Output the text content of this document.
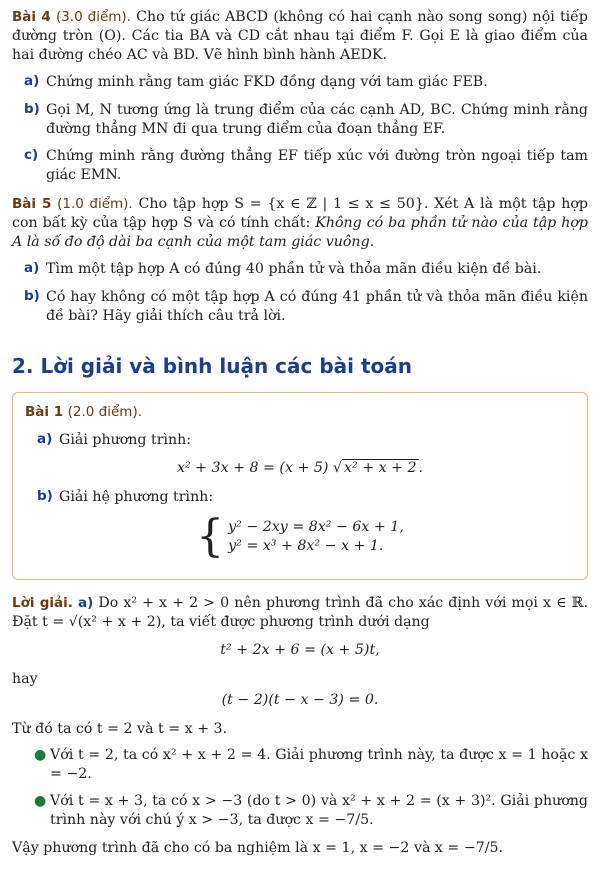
Bài 4 (3.0 điểm). Cho tứ giác ABCD (không có hai cạnh nào song song) nội tiếp đường tròn (O). Các tia BA và CD cắt nhau tại điểm F. Gọi E là giao điểm của hai đường chéo AC và BD. Vẽ hình bình hành AEDK.

a) Chứng minh rằng tam giác FKD đồng dạng với tam giác FEB.
b) Gọi M, N tương ứng là trung điểm của các cạnh AD, BC. Chứng minh rằng đường thẳng MN đi qua trung điểm của đoạn thẳng EF.
c) Chứng minh rằng đường thẳng EF tiếp xúc với đường tròn ngoại tiếp tam giác EMN.

Bài 5 (1.0 điểm). Cho tập hợp S = {x ∈ ℤ | 1 ≤ x ≤ 50}. Xét A là một tập hợp con bất kỳ của tập hợp S và có tính chất: Không có ba phần tử nào của tập hợp A là số đo độ dài ba cạnh của một tam giác vuông.

a) Tìm một tập hợp A có đúng 40 phần tử và thỏa mãn điều kiện đề bài.
b) Có hay không có một tập hợp A có đúng 41 phần tử và thỏa mãn điều kiện đề bài? Hãy giải thích câu trả lời.
2. Lời giải và bình luận các bài toán
Bài 1 (2.0 điểm).
a) Giải phương trình:
x² + 3x + 8 = (x + 5) √ x² + x + 2 .
b) Giải hệ phương trình:
{ y² − 2xy = 8x² − 6x + 1,
y² = x³ + 8x² − x + 1.

Lời giải. a) Do x² + x + 2 > 0 nên phương trình đã cho xác định với mọi x ∈ ℝ. Đặt t = √(x² + x + 2), ta viết được phương trình dưới dạng

t² + 2x + 6 = (x + 5)t,
hay
(t − 2)(t − x − 3) = 0.
Từ đó ta có t = 2 và t = x + 3.
● Với t = 2, ta có x² + x + 2 = 4. Giải phương trình này, ta được x = 1 hoặc x = −2.
● Với t = x + 3, ta có x > −3 (do t > 0) và x² + x + 2 = (x + 3)². Giải phương trình này với chú ý x > −3, ta được x = −7/5.

Vậy phương trình đã cho có ba nghiệm là x = 1, x = −2 và x = −7/5.
